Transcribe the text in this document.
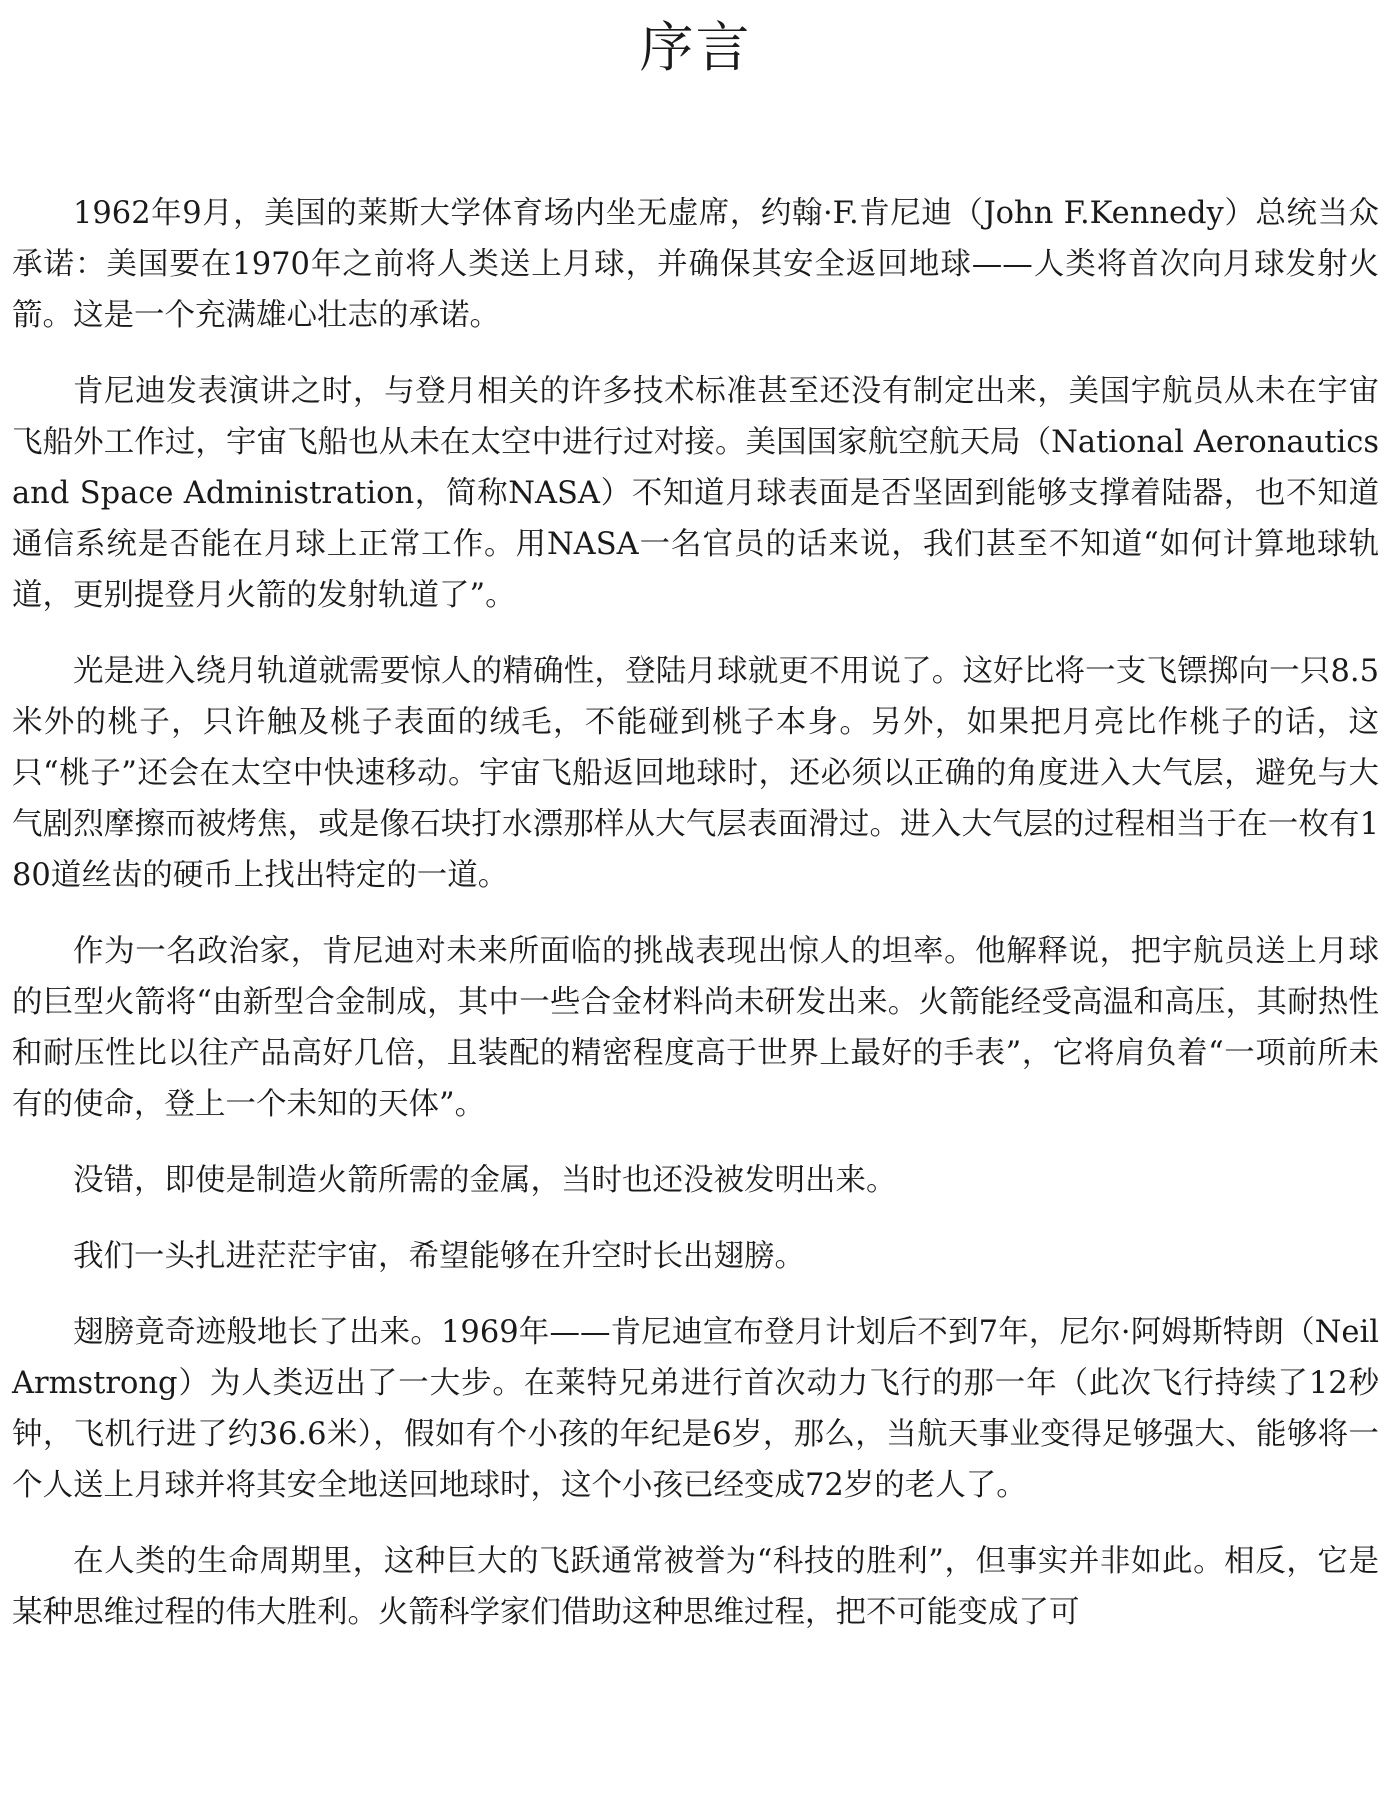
序言

1962年9月，美国的莱斯大学体育场内坐无虚席，约翰·F.肯尼迪（John F.Kennedy）总统当众承诺：美国要在1970年之前将人类送上月球，并确保其安全返回地球——人类将首次向月球发射火箭。这是一个充满雄心壮志的承诺。

肯尼迪发表演讲之时，与登月相关的许多技术标准甚至还没有制定出来，美国宇航员从未在宇宙飞船外工作过，宇宙飞船也从未在太空中进行过对接。美国国家航空航天局（National Aeronautics and Space Administration，简称NASA）不知道月球表面是否坚固到能够支撑着陆器，也不知道通信系统是否能在月球上正常工作。用NASA一名官员的话来说，我们甚至不知道“如何计算地球轨道，更别提登月火箭的发射轨道了”。

光是进入绕月轨道就需要惊人的精确性，登陆月球就更不用说了。这好比将一支飞镖掷向一只8.5米外的桃子，只许触及桃子表面的绒毛，不能碰到桃子本身。另外，如果把月亮比作桃子的话，这只“桃子”还会在太空中快速移动。宇宙飞船返回地球时，还必须以正确的角度进入大气层，避免与大气剧烈摩擦而被烤焦，或是像石块打水漂那样从大气层表面滑过。进入大气层的过程相当于在一枚有180道丝齿的硬币上找出特定的一道。

作为一名政治家，肯尼迪对未来所面临的挑战表现出惊人的坦率。他解释说，把宇航员送上月球的巨型火箭将“由新型合金制成，其中一些合金材料尚未研发出来。火箭能经受高温和高压，其耐热性和耐压性比以往产品高好几倍，且装配的精密程度高于世界上最好的手表”，它将肩负着“一项前所未有的使命，登上一个未知的天体”。

没错，即使是制造火箭所需的金属，当时也还没被发明出来。

我们一头扎进茫茫宇宙，希望能够在升空时长出翅膀。

翅膀竟奇迹般地长了出来。1969年——肯尼迪宣布登月计划后不到7年，尼尔·阿姆斯特朗（Neil Armstrong）为人类迈出了一大步。在莱特兄弟进行首次动力飞行的那一年（此次飞行持续了12秒钟，飞机行进了约36.6米），假如有个小孩的年纪是6岁，那么，当航天事业变得足够强大、能够将一个人送上月球并将其安全地送回地球时，这个小孩已经变成72岁的老人了。

在人类的生命周期里，这种巨大的飞跃通常被誉为“科技的胜利”，但事实并非如此。相反，它是某种思维过程的伟大胜利。火箭科学家们借助这种思维过程，把不可能变成了可
